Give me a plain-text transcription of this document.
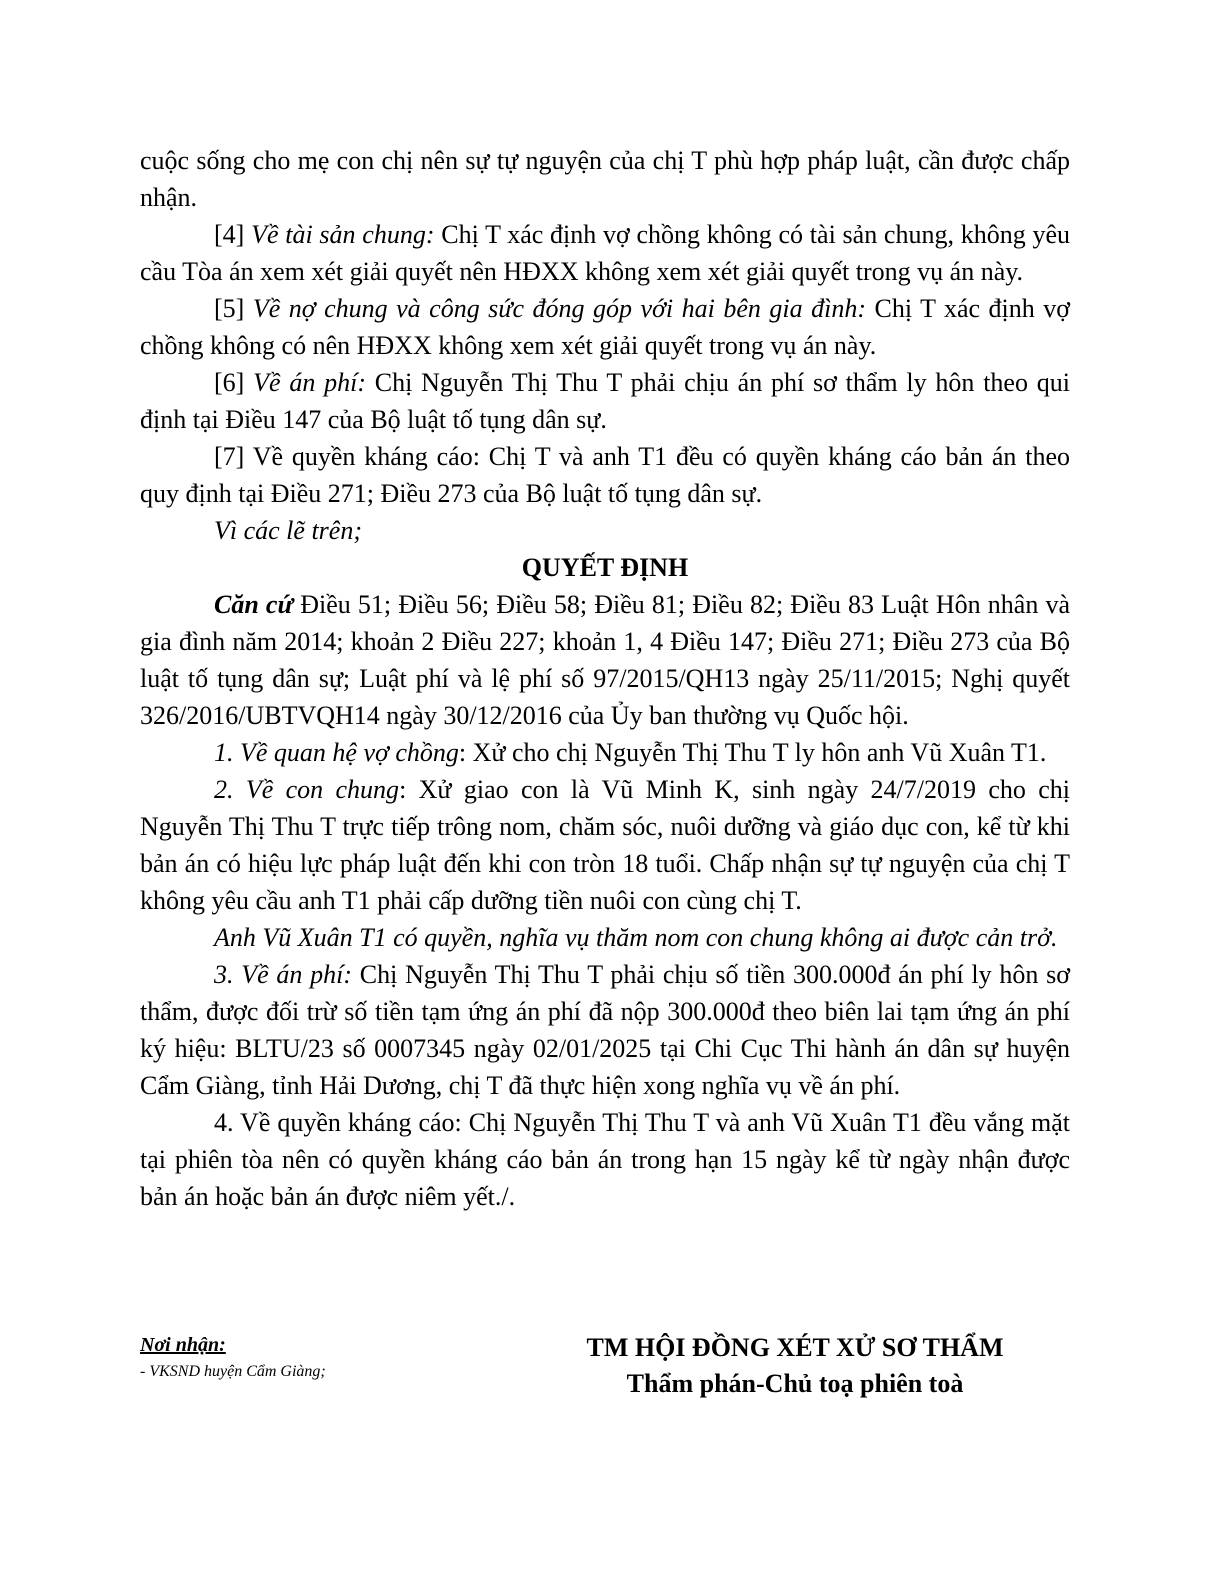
cuộc sống cho mẹ con chị nên sự tự nguyện của chị T phù hợp pháp luật, cần được chấp nhận.

[4] Về tài sản chung: Chị T xác định vợ chồng không có tài sản chung, không yêu cầu Tòa án xem xét giải quyết nên HĐXX không xem xét giải quyết trong vụ án này.

[5] Về nợ chung và công sức đóng góp với hai bên gia đình: Chị T xác định vợ chồng không có nên HĐXX không xem xét giải quyết trong vụ án này.

[6] Về án phí: Chị Nguyễn Thị Thu T phải chịu án phí sơ thẩm ly hôn theo qui định tại Điều 147 của Bộ luật tố tụng dân sự.

[7] Về quyền kháng cáo: Chị T và anh T1 đều có quyền kháng cáo bản án theo quy định tại Điều 271; Điều 273 của Bộ luật tố tụng dân sự.

Vì các lẽ trên;

QUYẾT ĐỊNH

Căn cứ Điều 51; Điều 56; Điều 58; Điều 81; Điều 82; Điều 83 Luật Hôn nhân và gia đình năm 2014; khoản 2 Điều 227; khoản 1, 4 Điều 147; Điều 271; Điều 273 của Bộ luật tố tụng dân sự; Luật phí và lệ phí số 97/2015/QH13 ngày 25/11/2015; Nghị quyết 326/2016/UBTVQH14 ngày 30/12/2016 của Ủy ban thường vụ Quốc hội.

1. Về quan hệ vợ chồng: Xử cho chị Nguyễn Thị Thu T ly hôn anh Vũ Xuân T1.

2. Về con chung: Xử giao con là Vũ Minh K, sinh ngày 24/7/2019 cho chị Nguyễn Thị Thu T trực tiếp trông nom, chăm sóc, nuôi dưỡng và giáo dục con, kể từ khi bản án có hiệu lực pháp luật đến khi con tròn 18 tuổi. Chấp nhận sự tự nguyện của chị T không yêu cầu anh T1 phải cấp dưỡng tiền nuôi con cùng chị T.

Anh Vũ Xuân T1 có quyền, nghĩa vụ thăm nom con chung không ai được cản trở.

3. Về án phí: Chị Nguyễn Thị Thu T phải chịu số tiền 300.000đ án phí ly hôn sơ thẩm, được đối trừ số tiền tạm ứng án phí đã nộp 300.000đ theo biên lai tạm ứng án phí ký hiệu: BLTU/23 số 0007345 ngày 02/01/2025 tại Chi Cục Thi hành án dân sự huyện Cẩm Giàng, tỉnh Hải Dương, chị T đã thực hiện xong nghĩa vụ về án phí.

4. Về quyền kháng cáo: Chị Nguyễn Thị Thu T và anh Vũ Xuân T1 đều vắng mặt tại phiên tòa nên có quyền kháng cáo bản án trong hạn 15 ngày kể từ ngày nhận được bản án hoặc bản án được niêm yết./.

Nơi nhận:
- VKSND huyện Cẩm Giàng;
TM HỘI ĐỒNG XÉT XỬ SƠ THẨM
Thẩm phán-Chủ toạ phiên toà
